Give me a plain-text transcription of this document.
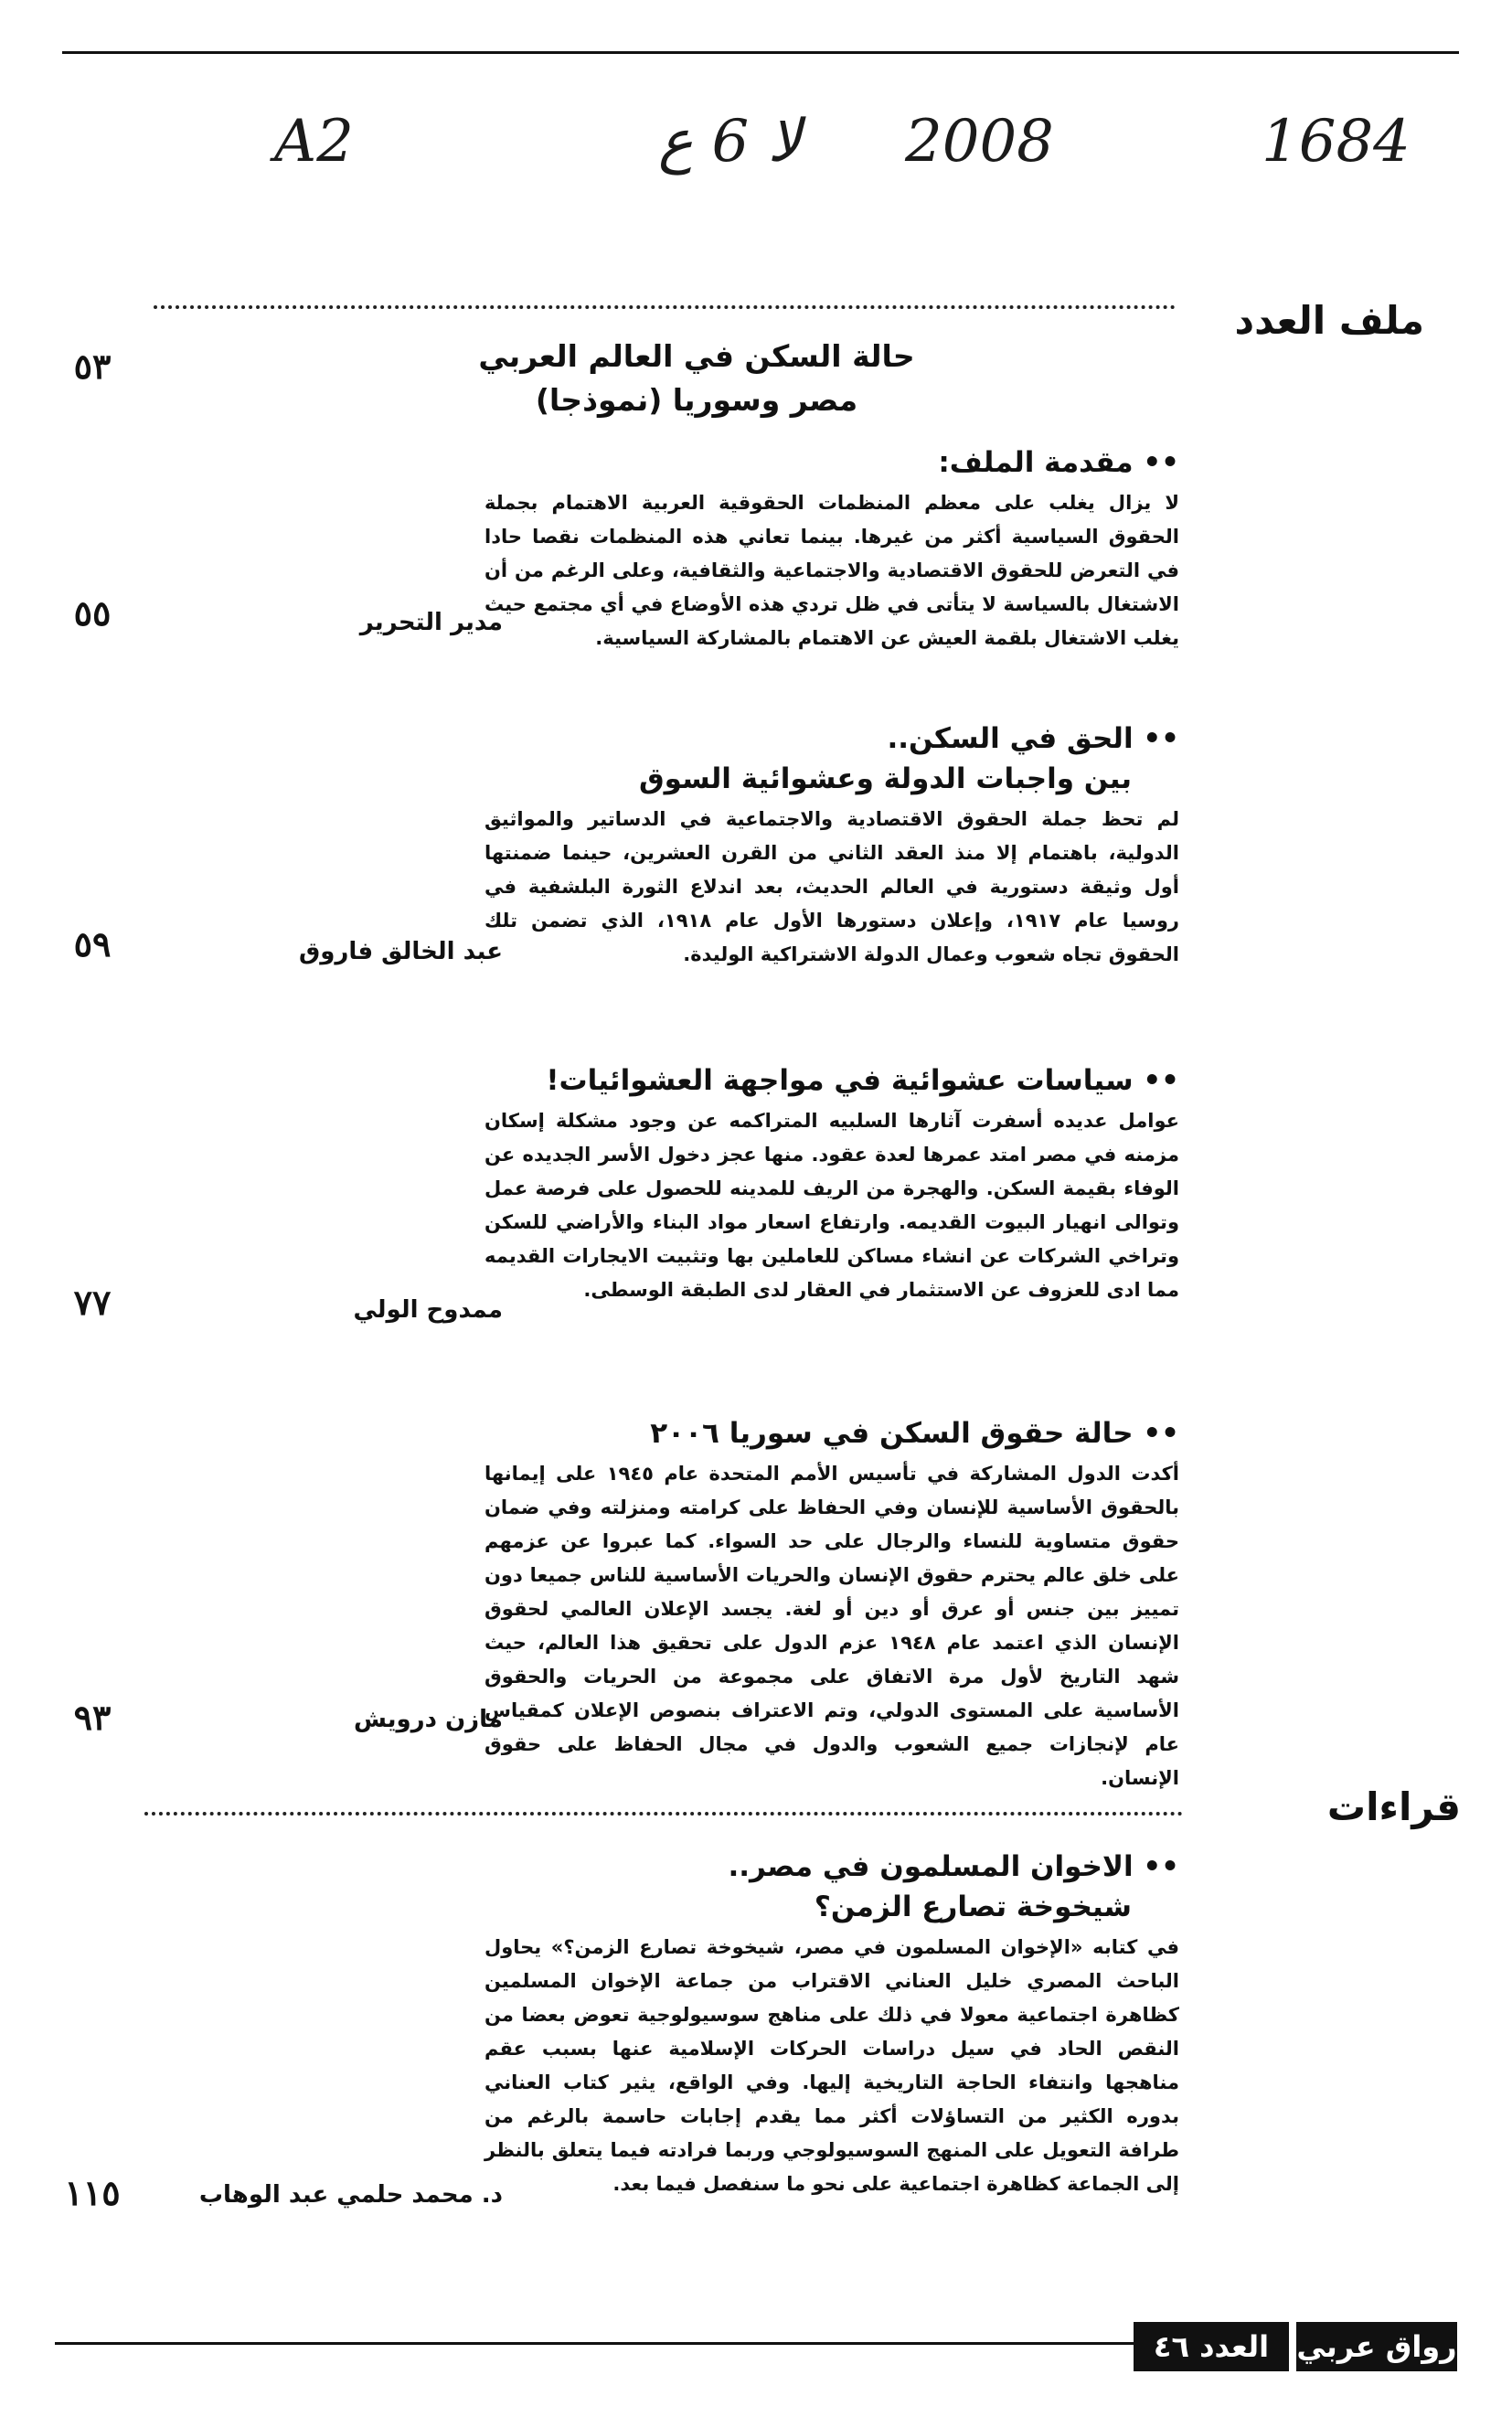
A2	لا 6 ع 2008	1684
ملف العدد
حالة السكن في العالم العربي
مصر وسوريا (نموذجا)
٥٣
•• مقدمة الملف:

لا يزال يغلب على معظم المنظمات الحقوقية العربية الاهتمام بجملة الحقوق السياسية أكثر من غيرها. بينما تعاني هذه المنظمات نقصا حادا في التعرض للحقوق الاقتصادية والاجتماعية والثقافية، وعلى الرغم من أن الاشتغال بالسياسة لا يتأتى في ظل تردي هذه الأوضاع في أي مجتمع حيث يغلب الاشتغال بلقمة العيش عن الاهتمام بالمشاركة السياسية.

مدير التحرير
٥٥
•• الحق في السكن..
بين واجبات الدولة وعشوائية السوق

لم تحظ جملة الحقوق الاقتصادية والاجتماعية في الدساتير والمواثيق الدولية، باهتمام إلا منذ العقد الثاني من القرن العشرين، حينما ضمنتها أول وثيقة دستورية في العالم الحديث، بعد اندلاع الثورة البلشفية في روسيا عام ١٩١٧، وإعلان دستورها الأول عام ١٩١٨، الذي تضمن تلك الحقوق تجاه شعوب وعمال الدولة الاشتراكية الوليدة.

عبد الخالق فاروق
٥٩
•• سياسات عشوائية في مواجهة العشوائيات!

عوامل عديده أسفرت آثارها السلبيه المتراكمه عن وجود مشكلة إسكان مزمنه في مصر امتد عمرها لعدة عقود. منها عجز دخول الأسر الجديده عن الوفاء بقيمة السكن. والهجرة من الريف للمدينه للحصول على فرصة عمل وتوالى انهيار البيوت القديمه. وارتفاع اسعار مواد البناء والأراضي للسكن وتراخي الشركات عن انشاء مساكن للعاملين بها وتثبيت الايجارات القديمه مما ادى للعزوف عن الاستثمار في العقار لدى الطبقة الوسطى.

ممدوح الولي
٧٧
•• حالة حقوق السكن في سوريا ٢٠٠٦

أكدت الدول المشاركة في تأسيس الأمم المتحدة عام ١٩٤٥ على إيمانها بالحقوق الأساسية للإنسان وفي الحفاظ على كرامته ومنزلته وفي ضمان حقوق متساوية للنساء والرجال على حد السواء. كما عبروا عن عزمهم على خلق عالم يحترم حقوق الإنسان والحريات الأساسية للناس جميعا دون تمييز بين جنس أو عرق أو دين أو لغة. يجسد الإعلان العالمي لحقوق الإنسان الذي اعتمد عام ١٩٤٨ عزم الدول على تحقيق هذا العالم، حيث شهد التاريخ لأول مرة الاتفاق على مجموعة من الحريات والحقوق الأساسية على المستوى الدولي، وتم الاعتراف بنصوص الإعلان كمقياس عام لإنجازات جميع الشعوب والدول في مجال الحفاظ على حقوق الإنسان.

مازن درويش
٩٣
قراءات
•• الاخوان المسلمون في مصر..
شيخوخة تصارع الزمن؟

في كتابه «الإخوان المسلمون في مصر، شيخوخة تصارع الزمن؟» يحاول الباحث المصري خليل العناني الاقتراب من جماعة الإخوان المسلمين كظاهرة اجتماعية معولا في ذلك على مناهج سوسيولوجية تعوض بعضا من النقص الحاد في سيل دراسات الحركات الإسلامية عنها بسبب عقم مناهجها وانتفاء الحاجة التاريخية إليها. وفي الواقع، يثير كتاب العناني بدوره الكثير من التساؤلات أكثر مما يقدم إجابات حاسمة بالرغم من طرافة التعويل على المنهج السوسيولوجي وربما فرادته فيما يتعلق بالنظر إلى الجماعة كظاهرة اجتماعية على نحو ما سنفصل فيما بعد.

د. محمد حلمي عبد الوهاب
١١٥
العدد ٤٦ رواق عربي
